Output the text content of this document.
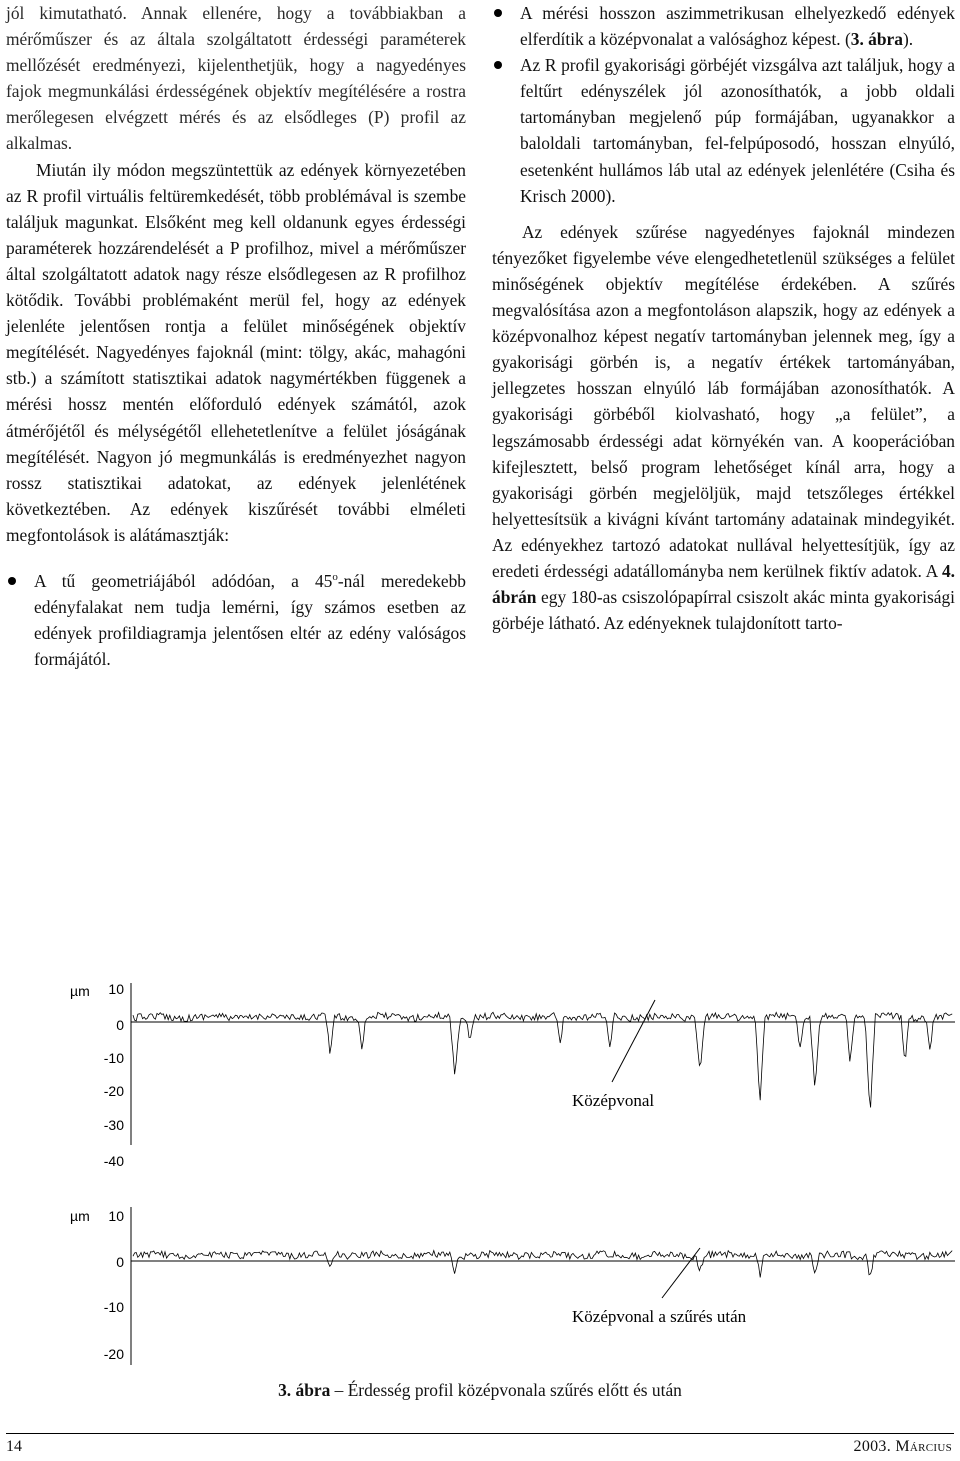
jól kimutatható. Annak ellenére, hogy a továbbiakban a mérőműszer és az általa szolgáltatott érdességi paraméterek mellőzését eredményezi, kijelenthetjük, hogy a nagyedényes fajok megmunkálási érdességének objektív megítélésére a rostra merőlegesen elvégzett mérés és az elsődleges (P) profil az alkalmas.

Miután ily módon megszüntettük az edények környezetében az R profil virtuális feltüremkedését, több problémával is szembe találjuk magunkat. Elsőként meg kell oldanunk egyes érdességi paraméterek hozzárendelését a P profilhoz, mivel a mérőműszer által szolgáltatott adatok nagy része elsődlegesen az R profilhoz kötődik. További problémaként merül fel, hogy az edények jelenléte jelentősen rontja a felület minőségének objektív megítélését. Nagyedényes fajoknál (mint: tölgy, akác, mahagóni stb.) a számított statisztikai adatok nagymértékben függenek a mérési hossz mentén előforduló edények számától, azok átmérőjétől és mélységétől ellehetetlenítve a felület jóságának megítélését. Nagyon jó megmunkálás is eredményezhet nagyon rossz statisztikai adatokat, az edények jelenlétének következtében. Az edények kiszűrését további elméleti megfontolások is alátámasztják:

A tű geometriájából adódóan, a 45$^o$-nál meredekebb edényfalakat nem tudja lemérni, így számos esetben az edények profildiagramja jelentősen eltér az edény valóságos formájától.
A mérési hosszon aszimmetrikusan elhelyezkedő edények elferdítik a középvonalat a valósághoz képest. (3. ábra).
Az R profil gyakorisági görbéjét vizsgálva azt találjuk, hogy a feltűrt edényszélek jól azonosíthatók, a jobb oldali tartományban megjelenő púp formájában, ugyanakkor a baloldali tartományban, fel-felpúposodó, hosszan elnyúló, esetenként hullámos láb utal az edények jelenlétére (Csiha és Krisch 2000).

Az edények szűrése nagyedényes fajoknál mindezen tényezőket figyelembe véve elengedhetetlenül szükséges a felület minőségének objektív megítélése érdekében. A szűrés megvalósítása azon a megfontoláson alapszik, hogy az edények a középvonalhoz képest negatív tartományban jelennek meg, így a gyakorisági görbén is, a negatív értékek tartományában, jellegzetes hosszan elnyúló láb formájában azonosíthatók. A gyakorisági görbéből kiolvasható, hogy „a felület”, a legszámosabb érdességi adat környékén van. A kooperációban kifejlesztett, belső program lehetőséget kínál arra, hogy a gyakorisági görbén megjelöljük, majd tetszőleges értékkel helyettesítsük a kivágni kívánt tartomány adatainak mindegyikét. Az edényekhez tartozó adatokat nullával helyettesítjük, így az eredeti érdességi adatállományba nem kerülnek fiktív adatok. A 4. ábrán egy 180-as csiszolópapírral csiszolt akác minta gyakorisági görbéje látható. Az edényeknek tulajdonított tarto-

µm 10
0
-10
-20
-30
-40
Középvonal
µm 10
0
-10
-20
Középvonal a szűrés után
3. ábra – Érdesség profil középvonala szűrés előtt és után
14	2003. Március
